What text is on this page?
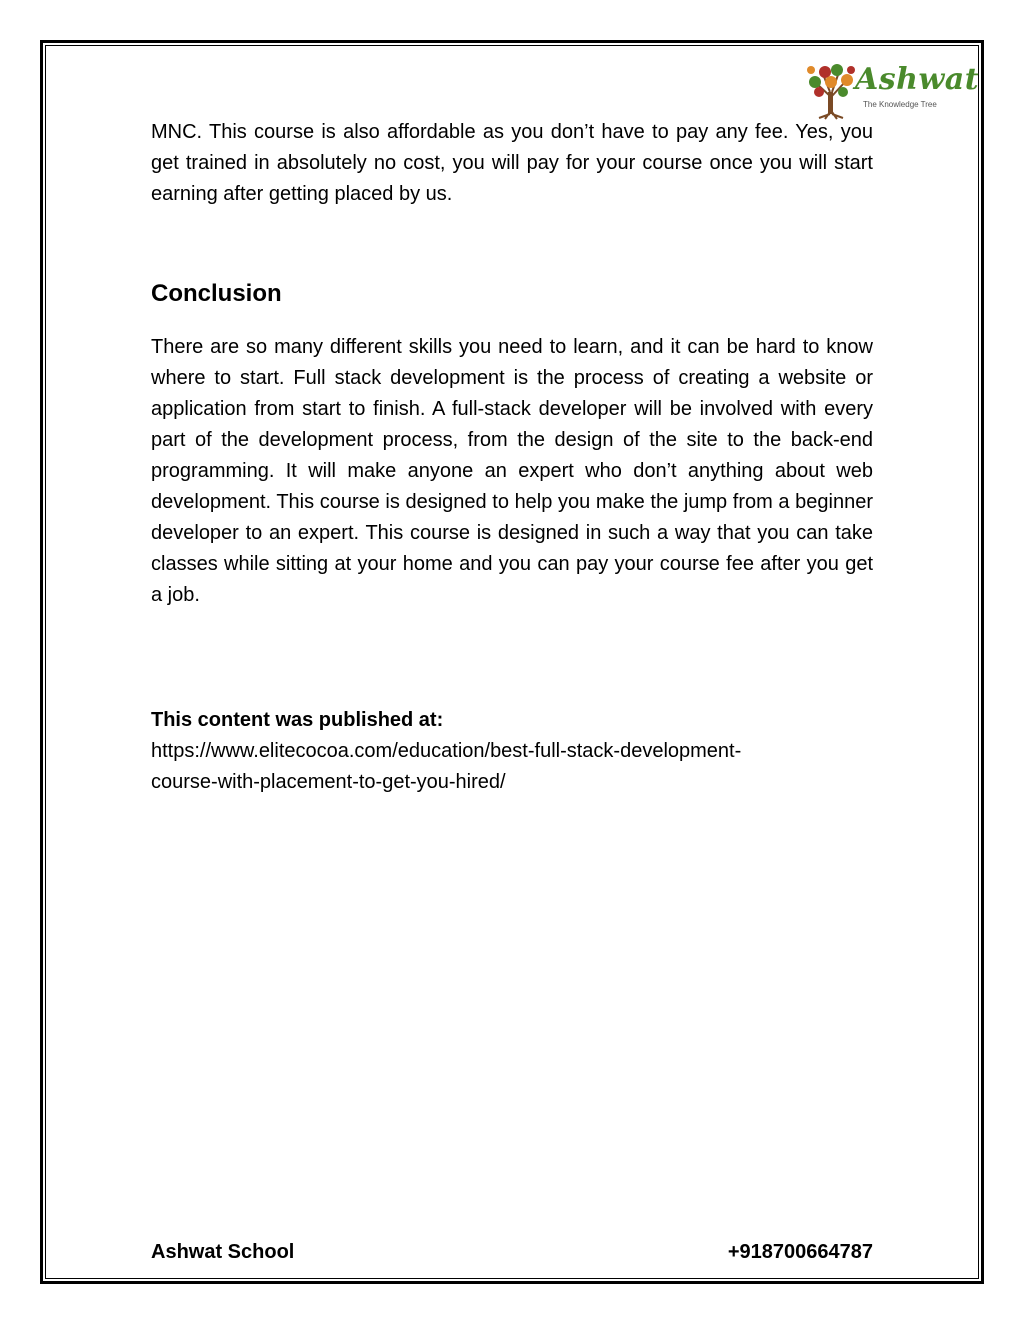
Ashwat
The Knowledge Tree

MNC. This course is also affordable as you don’t have to pay any fee. Yes, you get trained in absolutely no cost, you will pay for your course once you will start earning after getting placed by us.

Conclusion

There are so many different skills you need to learn, and it can be hard to know where to start. Full stack development is the process of creating a website or application from start to finish. A full-stack developer will be involved with every part of the development process, from the design of the site to the back-end programming. It will make anyone an expert who don’t anything about web development. This course is designed to help you make the jump from a beginner developer to an expert. This course is designed in such a way that you can take classes while sitting at your home and you can pay your course fee after you get a job.

This content was published at:

https://www.elitecocoa.com/education/best-full-stack-development-

course-with-placement-to-get-you-hired/

Ashwat School	+918700664787
